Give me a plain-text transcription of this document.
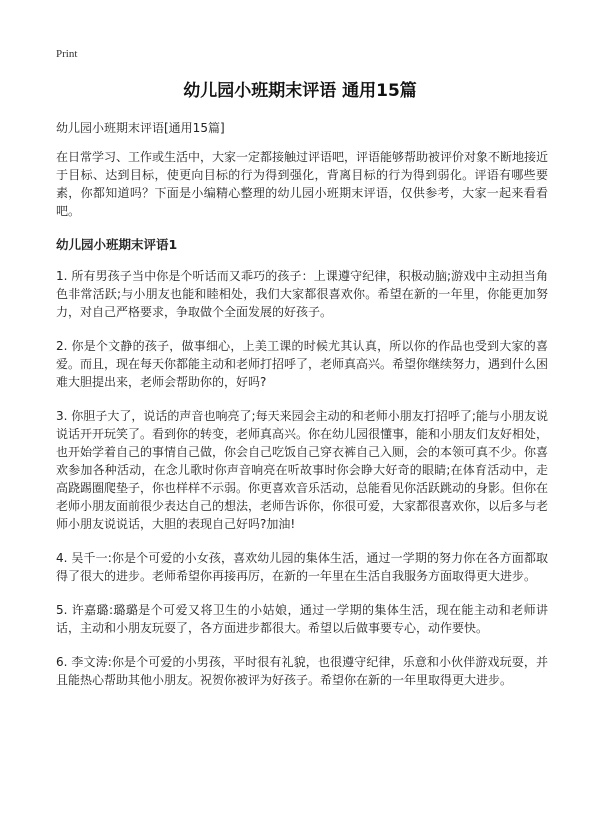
Print
幼儿园小班期末评语 通用15篇

幼儿园小班期末评语[通用15篇]

在日常学习、工作或生活中，大家一定都接触过评语吧，评语能够帮助被评价对象不断地接近于目标、达到目标，使更向目标的行为得到强化，背离目标的行为得到弱化。评语有哪些要素，你都知道吗？下面是小编精心整理的幼儿园小班期末评语，仅供参考，大家一起来看看吧。

幼儿园小班期末评语1

1. 所有男孩子当中你是个听话而又乖巧的孩子：上课遵守纪律，积极动脑;游戏中主动担当角色非常活跃;与小朋友也能和睦相处，我们大家都很喜欢你。希望在新的一年里，你能更加努力，对自己严格要求，争取做个全面发展的好孩子。

2. 你是个文静的孩子，做事细心，上美工课的时候尤其认真，所以你的作品也受到大家的喜爱。而且，现在每天你都能主动和老师打招呼了，老师真高兴。希望你继续努力，遇到什么困难大胆提出来，老师会帮助你的，好吗?

3. 你胆子大了，说话的声音也响亮了;每天来园会主动的和老师小朋友打招呼了;能与小朋友说说话开开玩笑了。看到你的转变，老师真高兴。你在幼儿园很懂事，能和小朋友们友好相处，也开始学着自己的事情自己做，你会自己吃饭自己穿衣裤自己入厕，会的本领可真不少。你喜欢参加各种活动，在念儿歌时你声音响亮在听故事时你会睁大好奇的眼睛;在体育活动中，走高跷踢圈爬垫子，你也样样不示弱。你更喜欢音乐活动，总能看见你活跃跳动的身影。但你在老师小朋友面前很少表达自己的想法，老师告诉你，你很可爱，大家都很喜欢你，以后多与老师小朋友说说话，大胆的表现自己好吗?加油!

4. 吴千一:你是个可爱的小女孩，喜欢幼儿园的集体生活，通过一学期的努力你在各方面都取得了很大的进步。老师希望你再接再厉，在新的一年里在生活自我服务方面取得更大进步。

5. 许嘉璐:璐璐是个可爱又将卫生的小姑娘，通过一学期的集体生活，现在能主动和老师讲话，主动和小朋友玩耍了，各方面进步都很大。希望以后做事要专心，动作要快。

6. 李文涛:你是个可爱的小男孩，平时很有礼貌，也很遵守纪律，乐意和小伙伴游戏玩耍，并且能热心帮助其他小朋友。祝贺你被评为好孩子。希望你在新的一年里取得更大进步。
